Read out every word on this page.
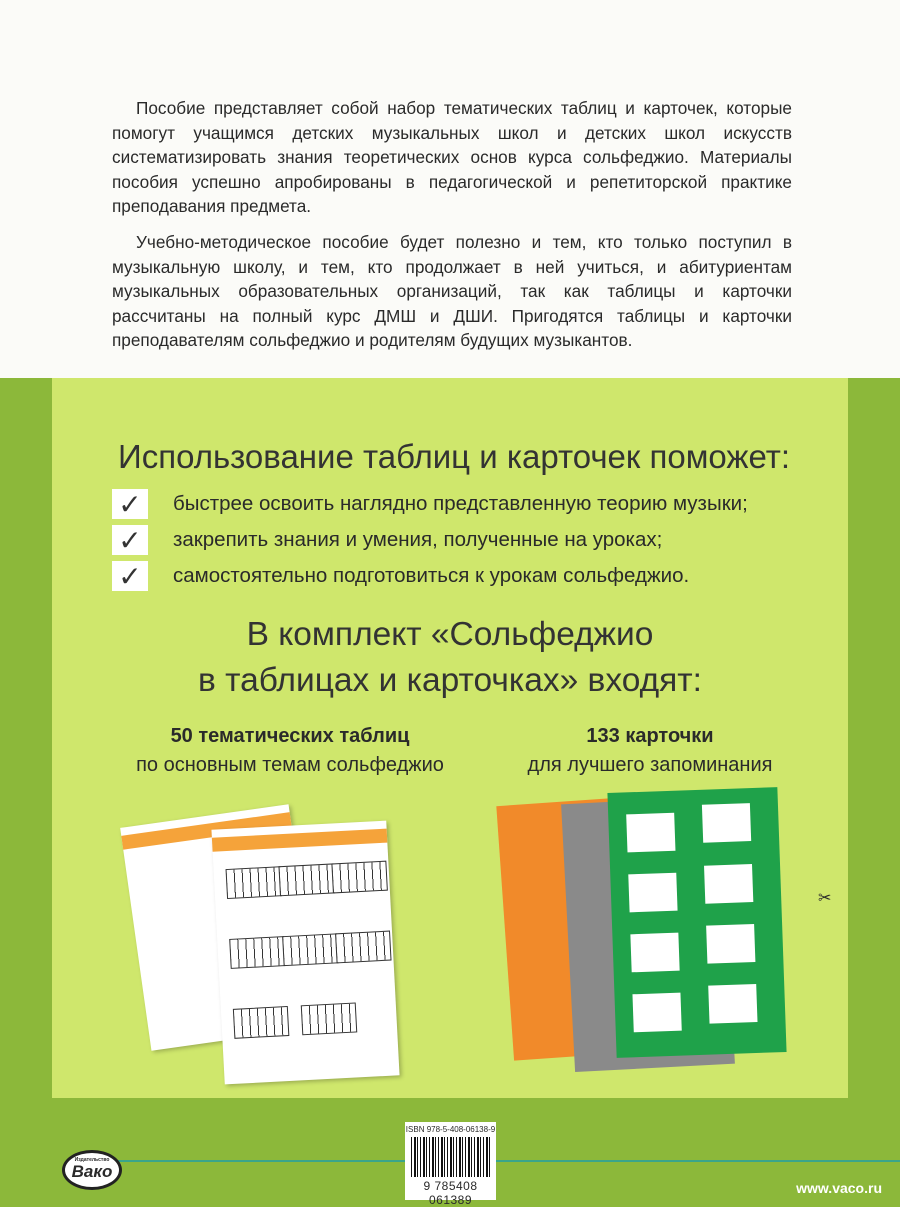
Пособие представляет собой набор тематических таблиц и карточек, которые помогут учащимся детских музыкальных школ и детских школ искусств систематизировать знания теоретических основ курса сольфеджио. Материалы пособия успешно апробированы в педагогической и репетиторской практике преподавания предмета.

Учебно-методическое пособие будет полезно и тем, кто только поступил в музыкальную школу, и тем, кто продолжает в ней учиться, и абитуриентам музыкальных образовательных организаций, так как таблицы и карточки рассчитаны на полный курс ДМШ и ДШИ. Пригодятся таблицы и карточки преподавателям сольфеджио и родителям будущих музыкантов.

Использование таблиц и карточек поможет:
✓	быстрее освоить наглядно представленную теорию музыки;
✓	закрепить знания и умения, полученные на уроках;
✓	самостоятельно подготовиться к урокам сольфеджио.
В комплект «Сольфеджио
в таблицах и карточках» входят:
50 тематических таблиц
по основным темам сольфеджио
133 карточки
для лучшего запоминания
✂
Издательство
Вако
ISBN 978-5-408-06138-9
9 785408 061389
www.vaco.ru
